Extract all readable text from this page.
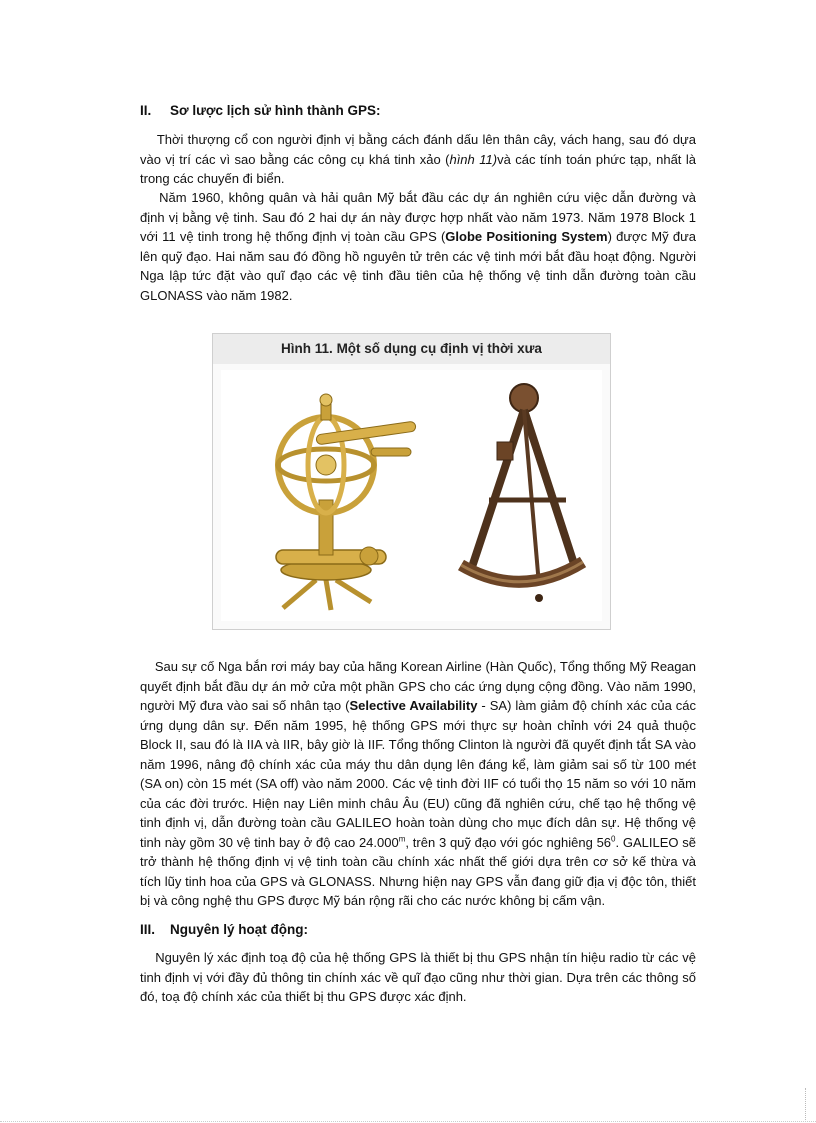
II. Sơ lược lịch sử hình thành GPS:
Thời thượng cổ con người định vị bằng cách đánh dấu lên thân cây, vách hang, sau đó dựa vào vị trí các vì sao bằng các công cụ khá tinh xảo (hình 11)và các tính toán phức tạp, nhất là trong các chuyến đi biển.
Năm 1960, không quân và hải quân Mỹ bắt đầu các dự án nghiên cứu việc dẫn đường và định vị bằng vệ tinh. Sau đó 2 hai dự án này được hợp nhất vào năm 1973. Năm 1978 Block 1 với 11 vệ tinh trong hệ thống định vị toàn cầu GPS (Globe Positioning System) được Mỹ đưa lên quỹ đạo. Hai năm sau đó đồng hồ nguyên tử trên các vệ tinh mới bắt đầu hoạt động. Người Nga lập tức đặt vào quĩ đạo các vệ tinh đầu tiên của hệ thống vệ tinh dẫn đường toàn cầu GLONASS vào năm 1982.
Hình 11. Một số dụng cụ định vị thời xưa
Sau sự cố Nga bắn rơi máy bay của hãng Korean Airline (Hàn Quốc), Tổng thống Mỹ Reagan quyết định bắt đầu dự án mở cửa một phần GPS cho các ứng dụng cộng đồng. Vào năm 1990, người Mỹ đưa vào sai số nhân tạo (Selective Availability - SA) làm giảm độ chính xác của các ứng dụng dân sự. Đến năm 1995, hệ thống GPS mới thực sự hoàn chỉnh với 24 quả thuộc Block II, sau đó là IIA và IIR, bây giờ là IIF. Tổng thống Clinton là người đã quyết định tắt SA vào năm 1996, nâng độ chính xác của máy thu dân dụng lên đáng kể, làm giảm sai số từ 100 mét (SA on) còn 15 mét (SA off) vào năm 2000. Các vệ tinh đời IIF có tuổi thọ 15 năm so với 10 năm của các đời trước. Hiện nay Liên minh châu Âu (EU) cũng đã nghiên cứu, chế tạo hệ thống vệ tinh định vị, dẫn đường toàn cầu GALILEO hoàn toàn dùng cho mục đích dân sự. Hệ thống vệ tinh này gồm 30 vệ tinh bay ở độ cao 24.000$^m$, trên 3 quỹ đạo với góc nghiêng $56^0$. GALILEO sẽ trở thành hệ thống định vị vệ tinh toàn cầu chính xác nhất thế giới dựa trên cơ sở kế thừa và tích lũy tinh hoa của GPS và GLONASS. Nhưng hiện nay GPS vẫn đang giữ địa vị độc tôn, thiết bị và công nghệ thu GPS được Mỹ bán rộng rãi cho các nước không bị cấm vận.
III. Nguyên lý hoạt động:
Nguyên lý xác định toạ độ của hệ thống GPS là thiết bị thu GPS nhận tín hiệu radio từ các vệ tinh định vị với đầy đủ thông tin chính xác về quĩ đạo cũng như thời gian. Dựa trên các thông số đó, toạ độ chính xác của thiết bị thu GPS được xác định.
